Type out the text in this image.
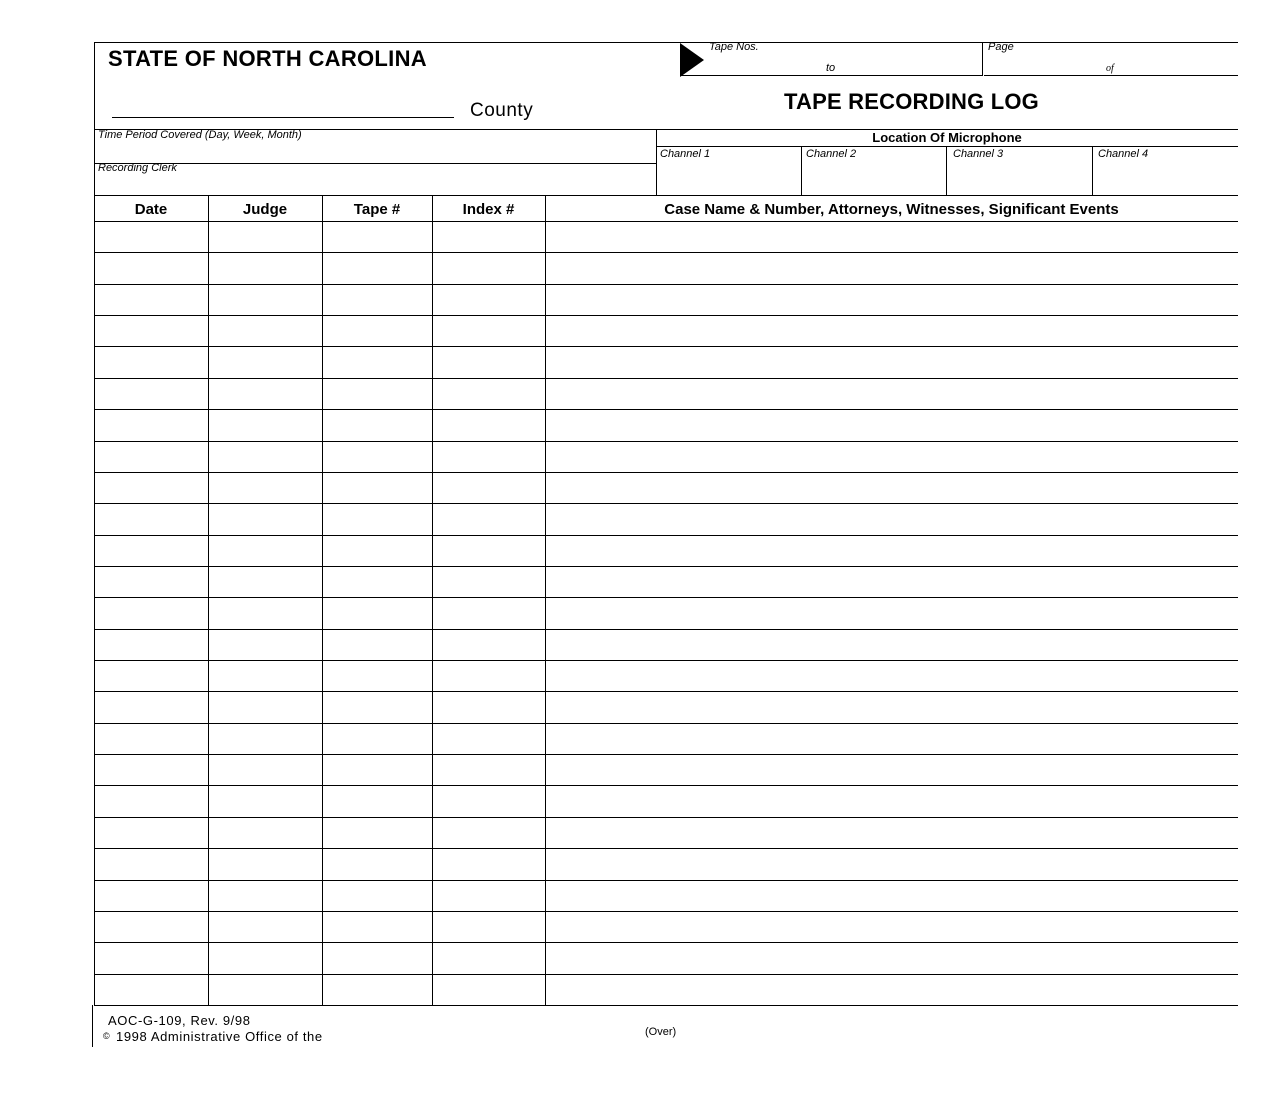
STATE OF NORTH CAROLINA
County
Tape Nos.
to
Page
of
TAPE RECORDING LOG
Time Period Covered (Day, Week, Month)
Recording Clerk
Location Of Microphone
Channel 1	Channel 2	Channel 3	Channel 4
Date	Judge	Tape #	Index #	Case Name & Number, Attorneys, Witnesses, Significant Events
AOC-G-109, Rev. 9/98
© 1998 Administrative Office of the	(Over)
